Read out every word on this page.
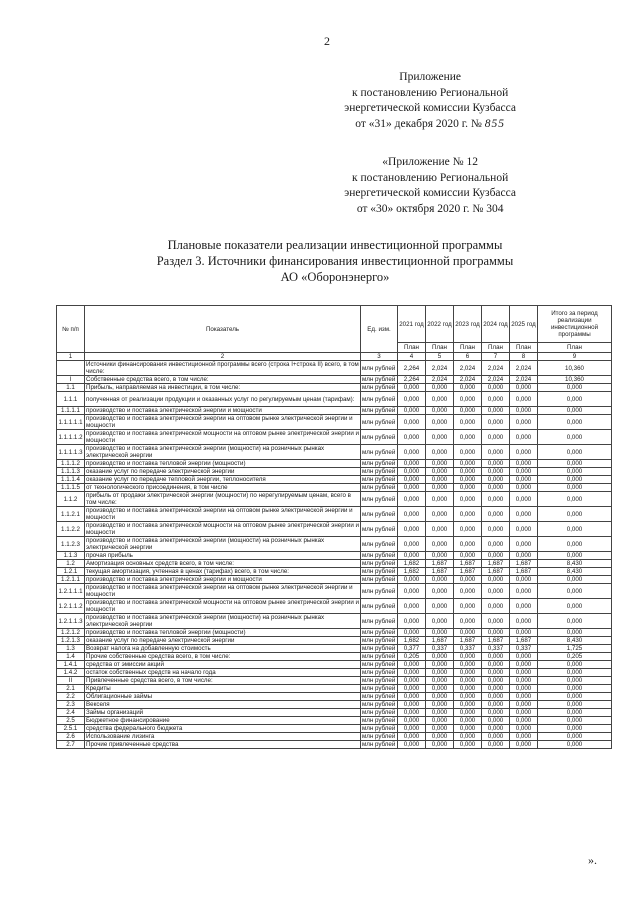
2
Приложение
к постановлению Региональной
энергетической комиссии Кузбасса
от «31» декабря 2020 г. № 855
«Приложение № 12
к постановлению Региональной
энергетической комиссии Кузбасса
от «30» октября 2020 г. № 304
Плановые показатели реализации инвестиционной программы
Раздел 3. Источники финансирования инвестиционной программы
АО «Оборонэнерго»
№ п/п	Показатель	Ед. изм.	2021 год	2022 год	2023 год	2024 год	2025 год	Итого за период реализации инвестиционной программы
			План	План	План	План	План	План
1	2	3	4	5	6	7	8	9
	Источники финансирования инвестиционной программы всего (строка I+строка II) всего, в том числе:	млн рублей	2,264	2,024	2,024	2,024	2,024	10,360
I	Собственные средства всего, в том числе:	млн рублей	2,264	2,024	2,024	2,024	2,024	10,360
1.1	Прибыль, направляемая на инвестиции, в том числе:	млн рублей	0,000	0,000	0,000	0,000	0,000	0,000
1.1.1	полученная от реализации продукции и оказанных услуг по регулируемым ценам (тарифам):	млн рублей	0,000	0,000	0,000	0,000	0,000	0,000
1.1.1.1	производство и поставка электрической энергии и мощности	млн рублей	0,000	0,000	0,000	0,000	0,000	0,000
1.1.1.1.1	производство и поставка электрической энергии на оптовом рынке электрической энергии и мощности	млн рублей	0,000	0,000	0,000	0,000	0,000	0,000
1.1.1.1.2	производство и поставка электрической мощности на оптовом рынке электрической энергии и мощности	млн рублей	0,000	0,000	0,000	0,000	0,000	0,000
1.1.1.1.3	производство и поставка электрической энергии (мощности) на розничных рынках электрической энергии	млн рублей	0,000	0,000	0,000	0,000	0,000	0,000
1.1.1.2	производство и поставка тепловой энергии (мощности)	млн рублей	0,000	0,000	0,000	0,000	0,000	0,000
1.1.1.3	оказание услуг по передаче электрической энергии	млн рублей	0,000	0,000	0,000	0,000	0,000	0,000
1.1.1.4	оказание услуг по передаче тепловой энергии, теплоносителя	млн рублей	0,000	0,000	0,000	0,000	0,000	0,000
1.1.1.5	от технологического присоединения, в том числе	млн рублей	0,000	0,000	0,000	0,000	0,000	0,000
1.1.2	прибыль от продажи электрической энергии (мощности) по нерегулируемым ценам, всего в том числе:	млн рублей	0,000	0,000	0,000	0,000	0,000	0,000
1.1.2.1	производство и поставка электрической энергии на оптовом рынке электрической энергии и мощности	млн рублей	0,000	0,000	0,000	0,000	0,000	0,000
1.1.2.2	производство и поставка электрической мощности на оптовом рынке электрической энергии и мощности	млн рублей	0,000	0,000	0,000	0,000	0,000	0,000
1.1.2.3	производство и поставка электрической энергии (мощности) на розничных рынках электрической энергии	млн рублей	0,000	0,000	0,000	0,000	0,000	0,000
1.1.3	прочая прибыль	млн рублей	0,000	0,000	0,000	0,000	0,000	0,000
1.2	Амортизация основных средств всего, в том числе:	млн рублей	1,682	1,687	1,687	1,687	1,687	8,430
1.2.1	текущая амортизация, учтенная в ценах (тарифах) всего, в том числе:	млн рублей	1,682	1,687	1,687	1,687	1,687	8,430
1.2.1.1	производство и поставка электрической энергии и мощности	млн рублей	0,000	0,000	0,000	0,000	0,000	0,000
1.2.1.1.1	производство и поставка электрической энергии на оптовом рынке электрической энергии и мощности	млн рублей	0,000	0,000	0,000	0,000	0,000	0,000
1.2.1.1.2	производство и поставка электрической мощности на оптовом рынке электрической энергии и мощности	млн рублей	0,000	0,000	0,000	0,000	0,000	0,000
1.2.1.1.3	производство и поставка электрической энергии (мощности) на розничных рынках электрической энергии	млн рублей	0,000	0,000	0,000	0,000	0,000	0,000
1.2.1.2	производство и поставка тепловой энергии (мощности)	млн рублей	0,000	0,000	0,000	0,000	0,000	0,000
1.2.1.3	оказание услуг по передаче электрической энергии	млн рублей	1,682	1,687	1,687	1,687	1,687	8,430
1.3	Возврат налога на добавленную стоимость	млн рублей	0,377	0,337	0,337	0,337	0,337	1,725
1.4	Прочие собственные средства всего, в том числе:	млн рублей	0,205	0,000	0,000	0,000	0,000	0,205
1.4.1	средства от эмиссии акций	млн рублей	0,000	0,000	0,000	0,000	0,000	0,000
1.4.2	остаток собственных средств на начало года	млн рублей	0,000	0,000	0,000	0,000	0,000	0,000
II	Привлеченные средства всего, в том числе:	млн рублей	0,000	0,000	0,000	0,000	0,000	0,000
2.1	Кредиты	млн рублей	0,000	0,000	0,000	0,000	0,000	0,000
2.2	Облигационные займы	млн рублей	0,000	0,000	0,000	0,000	0,000	0,000
2.3	Векселя	млн рублей	0,000	0,000	0,000	0,000	0,000	0,000
2.4	Займы организаций	млн рублей	0,000	0,000	0,000	0,000	0,000	0,000
2.5	Бюджетное финансирование	млн рублей	0,000	0,000	0,000	0,000	0,000	0,000
2.5.1	средства федерального бюджета	млн рублей	0,000	0,000	0,000	0,000	0,000	0,000
2.6	Использование лизинга	млн рублей	0,000	0,000	0,000	0,000	0,000	0,000
2.7	Прочие привлеченные средства	млн рублей	0,000	0,000	0,000	0,000	0,000	0,000
».
